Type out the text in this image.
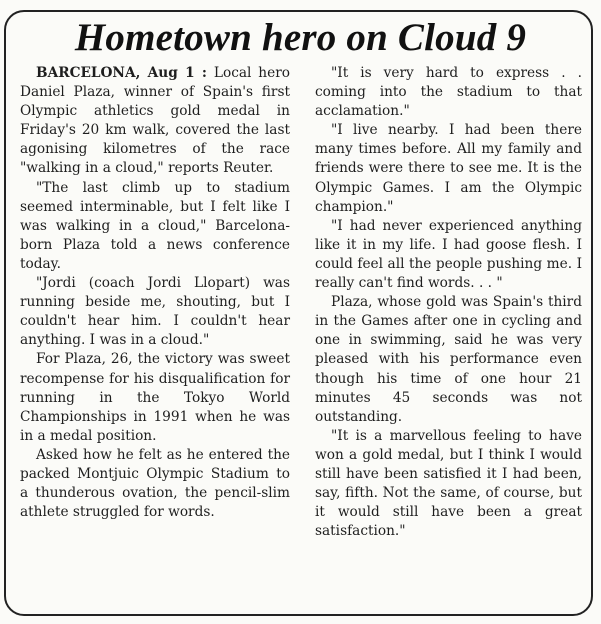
Hometown hero on Cloud 9

BARCELONA, Aug 1 : Local hero Daniel Plaza, winner of Spain's first Olympic athletics gold medal in Friday's 20 km walk, covered the last agonising kilometres of the race "walking in a cloud," reports Reuter.

"The last climb up to stadium seemed interminable, but I felt like I was walking in a cloud," Barcelona-born Plaza told a news conference today.

"Jordi (coach Jordi Llopart) was running beside me, shouting, but I couldn't hear him. I couldn't hear anything. I was in a cloud."

For Plaza, 26, the victory was sweet recompense for his disqualification for running in the Tokyo World Championships in 1991 when he was in a medal position.

Asked how he felt as he entered the packed Montjuic Olympic Stadium to a thunderous ovation, the pencil-slim athlete struggled for words.

"It is very hard to express . . coming into the stadium to that acclamation."

"I live nearby. I had been there many times before. All my family and friends were there to see me. It is the Olympic Games. I am the Olympic champion."

"I had never experienced anything like it in my life. I had goose flesh. I could feel all the people pushing me. I really can't find words. . . "

Plaza, whose gold was Spain's third in the Games after one in cycling and one in swimming, said he was very pleased with his performance even though his time of one hour 21 minutes 45 seconds was not outstanding.

"It is a marvellous feeling to have won a gold medal, but I think I would still have been satisfied it I had been, say, fifth. Not the same, of course, but it would still have been a great satisfaction."
